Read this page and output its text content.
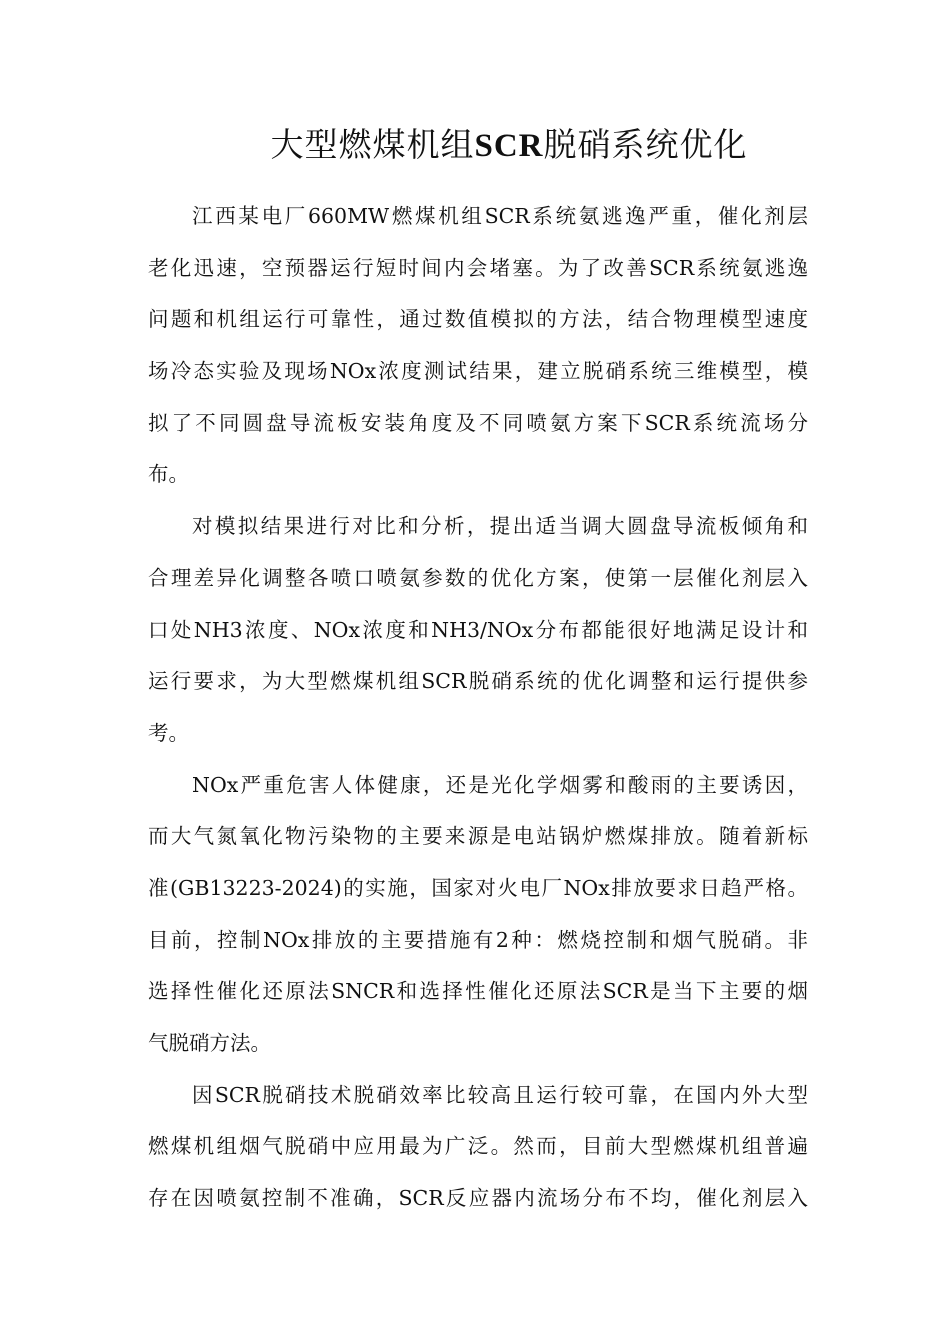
大型燃煤机组SCR脱硝系统优化
江西某电厂660MW燃煤机组SCR系统氨逃逸严重，催化剂层
老化迅速，空预器运行短时间内会堵塞。为了改善SCR系统氨逃逸
问题和机组运行可靠性，通过数值模拟的方法，结合物理模型速度
场冷态实验及现场NOx浓度测试结果，建立脱硝系统三维模型，模
拟了不同圆盘导流板安装角度及不同喷氨方案下SCR系统流场分
布。
对模拟结果进行对比和分析，提出适当调大圆盘导流板倾角和
合理差异化调整各喷口喷氨参数的优化方案，使第一层催化剂层入
口处NH3浓度、NOx浓度和NH3/NOx分布都能很好地满足设计和
运行要求，为大型燃煤机组SCR脱硝系统的优化调整和运行提供参
考。
NOx严重危害人体健康，还是光化学烟雾和酸雨的主要诱因，
而大气氮氧化物污染物的主要来源是电站锅炉燃煤排放。随着新标
准(GB13223-2024)的实施，国家对火电厂NOx排放要求日趋严格。
目前，控制NOx排放的主要措施有2种：燃烧控制和烟气脱硝。非
选择性催化还原法SNCR和选择性催化还原法SCR是当下主要的烟
气脱硝方法。
因SCR脱硝技术脱硝效率比较高且运行较可靠，在国内外大型
燃煤机组烟气脱硝中应用最为广泛。然而，目前大型燃煤机组普遍
存在因喷氨控制不准确，SCR反应器内流场分布不均，催化剂层入
